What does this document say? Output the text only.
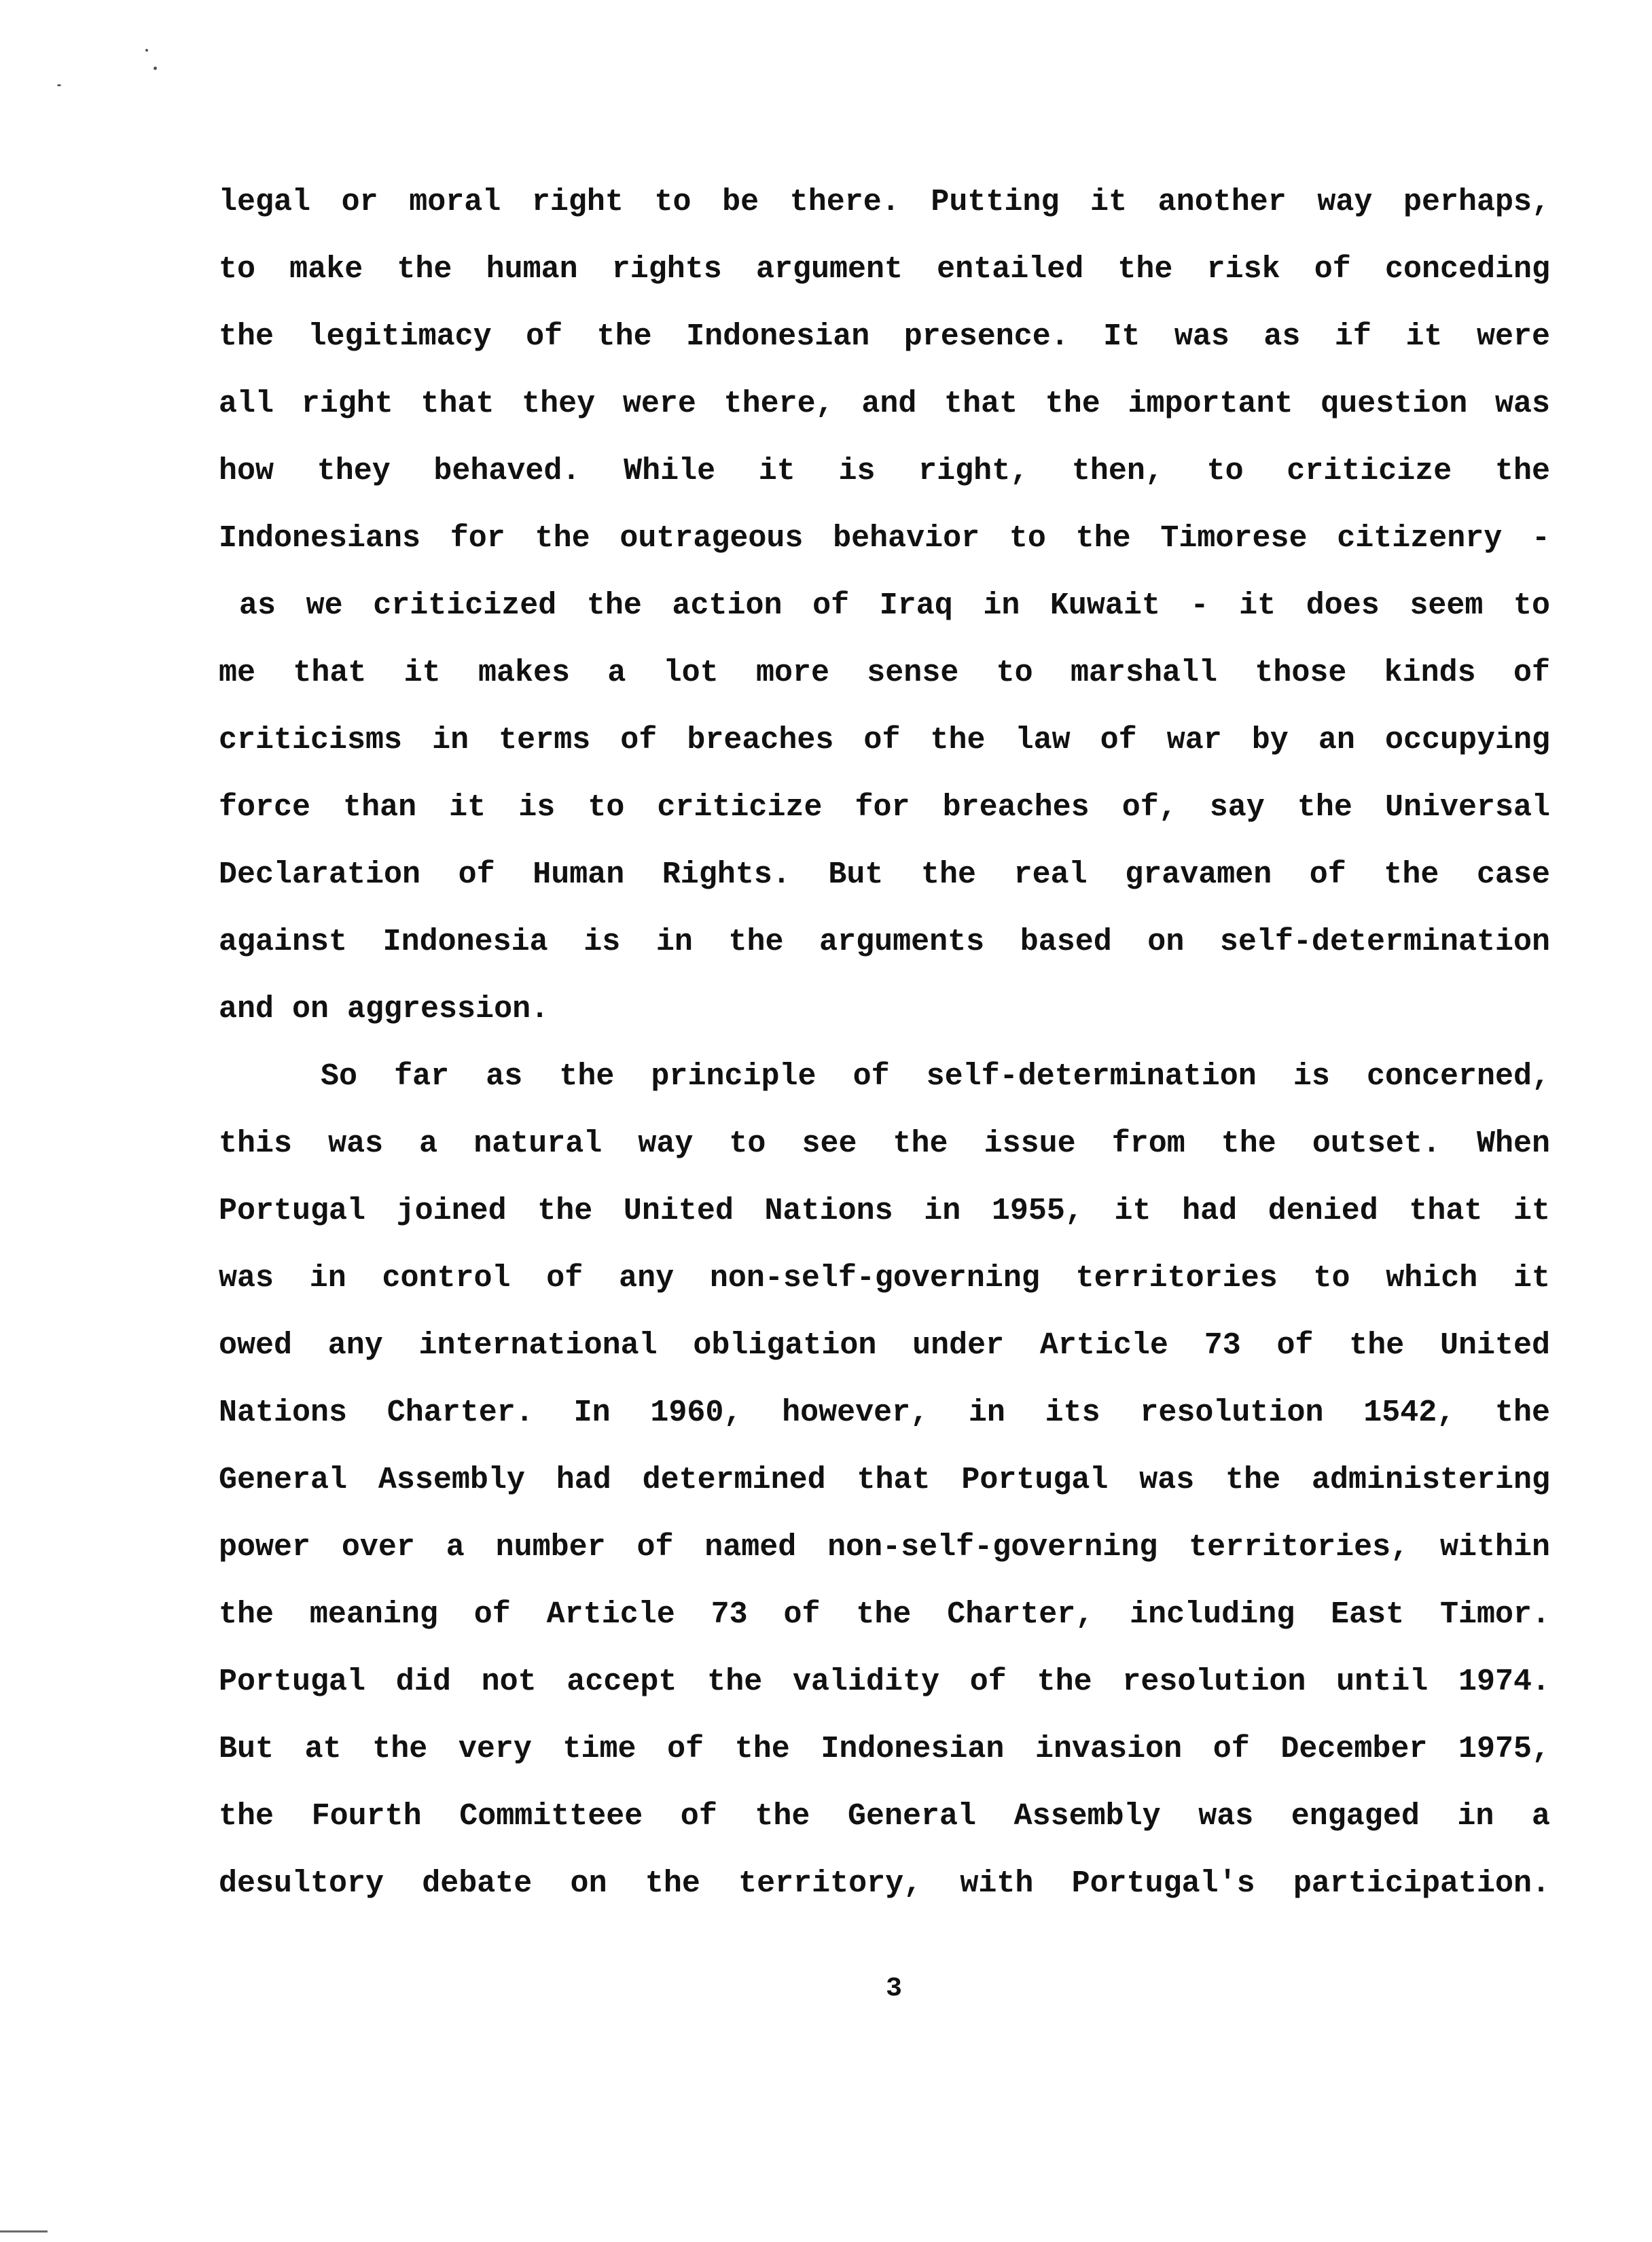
legal or moral right to be there. Putting it another way perhaps,
to make the human rights argument entailed the risk of conceding
the legitimacy of the Indonesian presence. It was as if it were
all right that they were there, and that the important question was
how they behaved. While it is right, then, to criticize the
Indonesians for the outrageous behavior to the Timorese citizenry -
as we criticized the action of Iraq in Kuwait - it does seem to
me that it makes a lot more sense to marshall those kinds of
criticisms in terms of breaches of the law of war by an occupying
force than it is to criticize for breaches of, say the Universal
Declaration of Human Rights. But the real gravamen of the case
against Indonesia is in the arguments based on self-determination
and on aggression.
So far as the principle of self-determination is concerned,
this was a natural way to see the issue from the outset. When
Portugal joined the United Nations in 1955, it had denied that it
was in control of any non-self-governing territories to which it
owed any international obligation under Article 73 of the United
Nations Charter. In 1960, however, in its resolution 1542, the
General Assembly had determined that Portugal was the administering
power over a number of named non-self-governing territories, within
the meaning of Article 73 of the Charter, including East Timor.
Portugal did not accept the validity of the resolution until 1974.
But at the very time of the Indonesian invasion of December 1975,
the Fourth Committeee of the General Assembly was engaged in a
desultory debate on the territory, with Portugal's participation.
3
